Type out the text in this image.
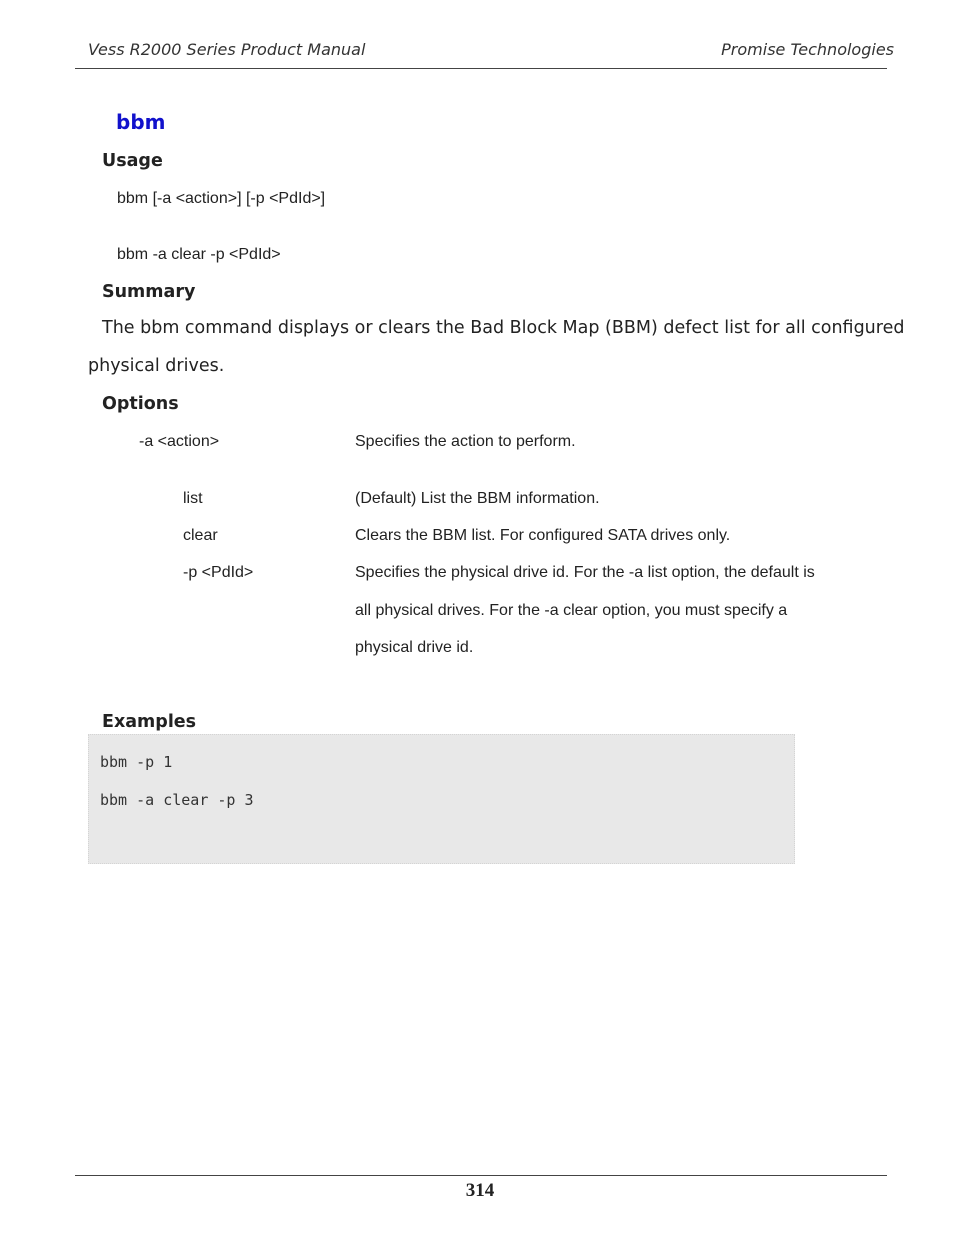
Vess R2000 Series Product Manual	Promise Technologies
bbm
Usage
bbm [-a <action>] [-p <PdId>]
bbm -a clear -p <PdId>
Summary
The bbm command displays or clears the Bad Block Map (BBM) defect list for all configured
physical drives.
Options
-a <action>	Specifies the action to perform.
list	(Default) List the BBM information.
clear	Clears the BBM list. For configured SATA drives only.
-p <PdId>	Specifies the physical drive id. For the -a list option, the default is
all physical drives. For the -a clear option, you must specify a
physical drive id.
Examples
bbm -p 1
bbm -a clear -p 3
314
